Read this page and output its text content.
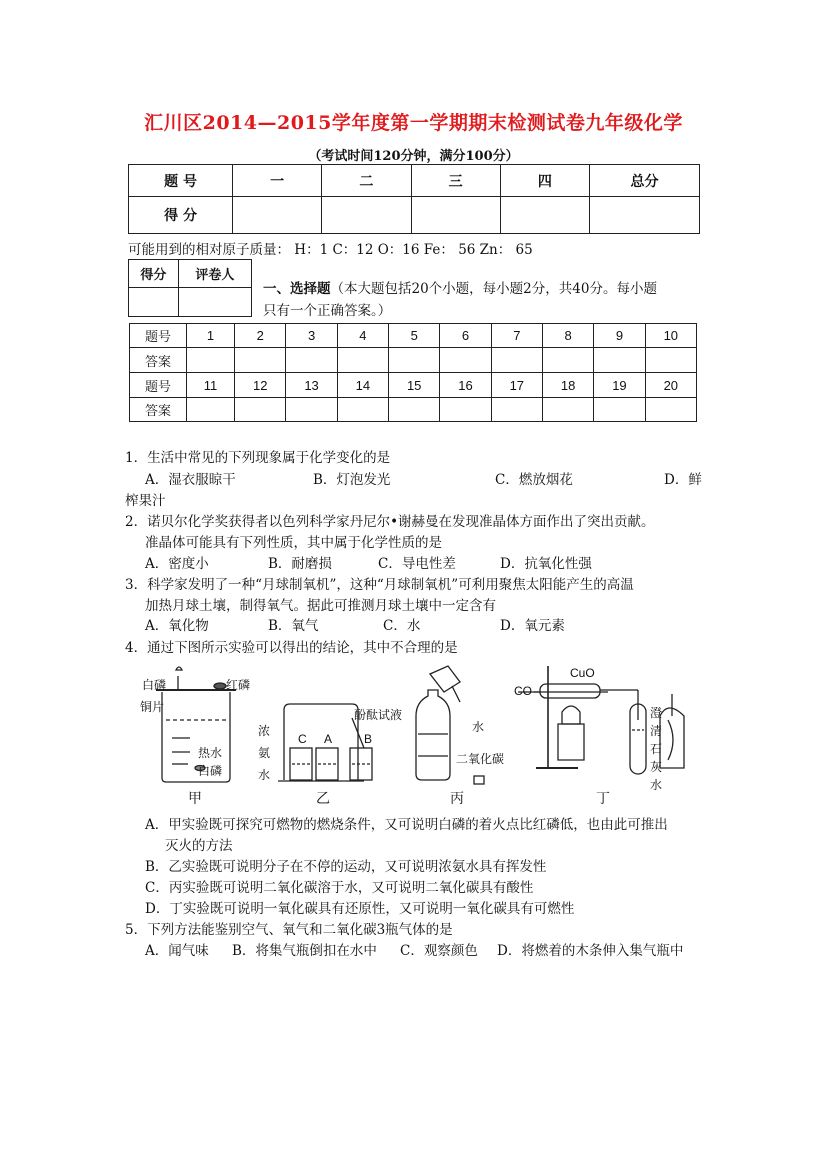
汇川区2014—2015学年度第一学期期末检测试卷九年级化学
（考试时间120分钟，满分100分）
题 号	一	二	三	四	总分
得 分					
可能用到的相对原子质量： H：1 C：12 O：16 Fe： 56 Zn： 65
得分	评卷人

一、选择题（本大题包括20个小题，每小题2分，共40分。每小题
只有一个正确答案。）
题号	1	2	3	4	5	6	7	8	9	10
答案										
题号	11	12	13	14	15	16	17	18	19	20
答案										
1．生活中常见的下列现象属于化学变化的是
A．湿衣服晾干	B．灯泡发光	C．燃放烟花	D．鲜
榨果汁
2．诺贝尔化学奖获得者以色列科学家丹尼尔•谢赫曼在发现准晶体方面作出了突出贡献。
准晶体可能具有下列性质，其中属于化学性质的是
A．密度小	B．耐磨损	C．导电性差	D．抗氧化性强
3．科学家发明了一种“月球制氧机”，这种“月球制氧机”可利用聚焦太阳能产生的高温
加热月球土壤，制得氧气。据此可推测月球土壤中一定含有
A．氧化物	B．氧气	C．水	D．氧元素
4．通过下图所示实验可以得出的结论，其中不合理的是
白磷	红磷
铜片
热水
白磷
甲
浓
氨
水
酚酞试液
C A	B
乙
水
二氧化碳
丙
CO
CuO
澄
清
石
灰
水
丁
A．甲实验既可探究可燃物的燃烧条件，又可说明白磷的着火点比红磷低，也由此可推出
灭火的方法
B．乙实验既可说明分子在不停的运动，又可说明浓氨水具有挥发性
C．丙实验既可说明二氧化碳溶于水，又可说明二氧化碳具有酸性
D．丁实验既可说明一氧化碳具有还原性，又可说明一氧化碳具有可燃性
5．下列方法能鉴别空气、氧气和二氧化碳3瓶气体的是
A．闻气味 B．将集气瓶倒扣在水中 C．观察颜色 D．将燃着的木条伸入集气瓶中
